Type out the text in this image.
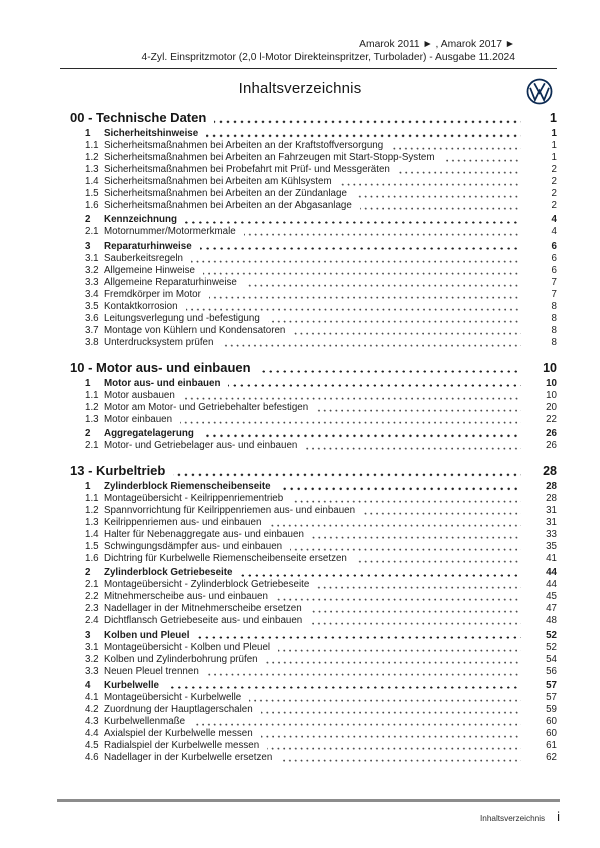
Amarok 2011 ► , Amarok 2017 ►
4-Zyl. Einspritzmotor (2,0 l-Motor Direkteinspritzer, Turbolader) - Ausgabe 11.2024
Inhaltsverzeichnis
00 - Technische Daten	1
1	Sicherheitshinweise	1
1.1 Sicherheitsmaßnahmen bei Arbeiten an der Kraftstoffversorgung	1
1.2 Sicherheitsmaßnahmen bei Arbeiten an Fahrzeugen mit Start-Stopp-System	1
1.3 Sicherheitsmaßnahmen bei Probefahrt mit Prüf- und Messgeräten	2
1.4 Sicherheitsmaßnahmen bei Arbeiten am Kühlsystem	2
1.5 Sicherheitsmaßnahmen bei Arbeiten an der Zündanlage	2
1.6 Sicherheitsmaßnahmen bei Arbeiten an der Abgasanlage	2
2	Kennzeichnung	4
2.1 Motornummer/Motormerkmale	4
3	Reparaturhinweise	6
3.1 Sauberkeitsregeln	6
3.2 Allgemeine Hinweise	6
3.3 Allgemeine Reparaturhinweise	7
3.4 Fremdkörper im Motor	7
3.5 Kontaktkorrosion	8
3.6 Leitungsverlegung und -befestigung	8
3.7 Montage von Kühlern und Kondensatoren	8
3.8 Unterdrucksystem prüfen	8
10 - Motor aus- und einbauen	10
1	Motor aus- und einbauen	10
1.1 Motor ausbauen	10
1.2 Motor am Motor- und Getriebehalter befestigen	20
1.3 Motor einbauen	22
2	Aggregatelagerung	26
2.1 Motor- und Getriebelager aus- und einbauen	26
13 - Kurbeltrieb	28
1	Zylinderblock Riemenscheibenseite	28
1.1 Montageübersicht - Keilrippenriementrieb	28
1.2 Spannvorrichtung für Keilrippenriemen aus- und einbauen	31
1.3 Keilrippenriemen aus- und einbauen	31
1.4 Halter für Nebenaggregate aus- und einbauen	33
1.5 Schwingungsdämpfer aus- und einbauen	35
1.6 Dichtring für Kurbelwelle Riemenscheibenseite ersetzen	41
2	Zylinderblock Getriebeseite	44
2.1 Montageübersicht - Zylinderblock Getriebeseite	44
2.2 Mitnehmerscheibe aus- und einbauen	45
2.3 Nadellager in der Mitnehmerscheibe ersetzen	47
2.4 Dichtflansch Getriebeseite aus- und einbauen	48
3	Kolben und Pleuel	52
3.1 Montageübersicht - Kolben und Pleuel	52
3.2 Kolben und Zylinderbohrung prüfen	54
3.3 Neuen Pleuel trennen	56
4	Kurbelwelle	57
4.1 Montageübersicht - Kurbelwelle	57
4.2 Zuordnung der Hauptlagerschalen	59
4.3 Kurbelwellenmaße	60
4.4 Axialspiel der Kurbelwelle messen	60
4.5 Radialspiel der Kurbelwelle messen	61
4.6 Nadellager in der Kurbelwelle ersetzen	62
Inhaltsverzeichnis i
